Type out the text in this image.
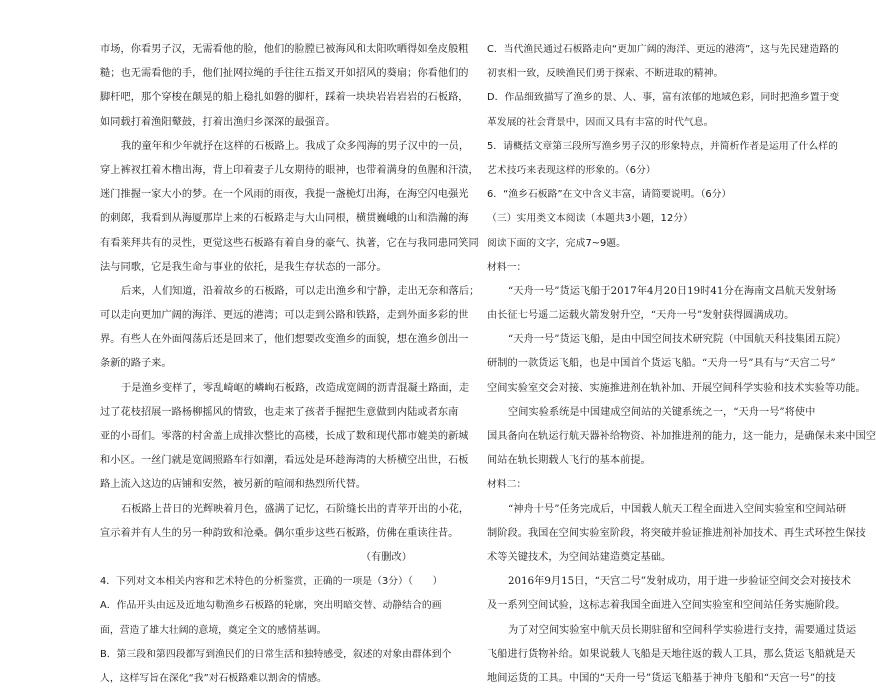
市场，你看男子汉，无需看他的脸，他们的脸膛已被海风和太阳吹晒得如垒皮般粗
糙；也无需看他的手，他们扯网拉绳的手往往五指叉开如招风的葵扇；你看他们的
脚杆吧，那个穿梭在颠晃的船上稳扎如磐的脚杆，踩着一块块岩岩岩岩的石板路，
如同载打着渔阳鼙鼓，打着出渔归乡深深的最强音。
我的童年和少年就抒在这样的石板路上。我成了众多闯海的男子汉中的一员，
穿上裤衩扛着木橹出海，背上印着妻子儿女期待的眼神，也带着满身的鱼腥和汗渍，
迷门推握一家大小的梦。在一个风雨的雨夜，我提一盏桅灯出海，在海空闪电强光
的刺郎，我看到从海厦那岸上来的石板路走与大山同根，横贯巍峨的山和浩瀚的海
有看莱拜共有的灵性，更觉这些石板路有着自身的豪气、执著，它在与我同患同笑同
法与同歌，它是我生命与事业的依托，是我生存状态的一部分。
后来，人们知道，沿着故乡的石板路，可以走出渔乡和宁静，走出无奈和落后；
可以走向更加广阔的海洋、更远的港湾；可以走到公路和铁路，走到外面多彩的世
界。有些人在外面闯荡后还是回来了，他们想要改变渔乡的面貌，想在渔乡创出一
条新的路子来。
于是渔乡变样了，零乱崎岖的嶙峋石板路，改造成宽阔的沥青混凝土路面，走
过了花枝招展一路杨柳摇风的情致，也走来了孩者手握把生意做到内陆或者东南
亚的小哥们。零落的村舍盖上成排次整比的高楼，长成了数和现代都市媲美的新城
和小区。一丝门就是宽阔照路车行如潮，看远处是环趁海湾的大桥横空出世，石板
路上流入这边的店铺和安然，被另新的喧闹和热烈所代替。
石板路上昔日的光辉映着月色，盛满了记忆，石阶缝长出的青苹开出的小花，
宣示着并有人生的另一种韵致和沧桑。偶尔重步这些石板路，仿佛在重读往昔。
（有删改）
4．下列对文本相关内容和艺术特色的分析鉴赏，正确的一项是（3分）（　　）
A．作品开头由远及近地勾勒渔乡石板路的轮廓，突出明暗交替、动静结合的画
面，营造了雄大壮阔的意境，奠定全文的感情基调。
B．第三段和第四段都写到渔民们的日常生活和独特感受，叙述的对象由群体到个
人，这样写旨在深化“我”对石板路难以割舍的情感。
C．当代渔民通过石板路走向“更加广阔的海洋、更远的港湾”，这与先民建造路的
初衷相一致，反映渔民们勇于探索、不断进取的精神。
D．作品细致描写了渔乡的景、人、事，富有浓郁的地域色彩，同时把渔乡置于变
革发展的社会背景中，因而又具有丰富的时代气息。
5．请概括文章第三段所写渔乡男子汉的形象特点，并简析作者是运用了什么样的
艺术技巧来表现这样的形象的。（6分）
6．“渔乡石板路”在文中含义丰富，请简要说明。（6分）
（三）实用类文本阅读（本题共3小题，12分）
阅读下面的文字，完成7~9题。
材料一：
“天舟一号”货运飞船于2017年4月20日19时41分在海南文昌航天发射场
由长征七号遥二运载火箭发射升空，“天舟一号”发射获得圆满成功。
“天舟一号”货运飞船，是由中国空间技术研究院（中国航天科技集团五院）
研制的一款货运飞船，也是中国首个货运飞船。“天舟一号”具有与“天宫二号”
空间实验室交会对接、实施推进剂在轨补加、开展空间科学实验和技术实验等功能。
空间实验系统是中国建成空间站的关键系统之一，“天舟一号”将使中
国具备向在轨运行航天器补给物资、补加推进剂的能力，这一能力，是确保未来中国空
间站在轨长期载人飞行的基本前提。
材料二：
“神舟十号”任务完成后，中国载人航天工程全面进入空间实验室和空间站研
制阶段。我国在空间实验室阶段，将突破并验证推进剂补加技术、再生式环控生保技
术等关键技术，为空间站建造奠定基础。
2016年9月15日，“天宫二号”发射成功，用于进一步验证空间交会对接技术
及一系列空间试验，这标志着我国全面进入空间实验室和空间站任务实施阶段。
为了对空间实验室中航天员长期驻留和空间科学实验进行支持，需要通过货运
飞船进行货物补给。如果说载人飞船是天地往返的载人工具，那么货运飞船就是天
地间运货的工具。中国的“天舟一号”货运飞船基于神舟飞船和“天宫一号”的技
